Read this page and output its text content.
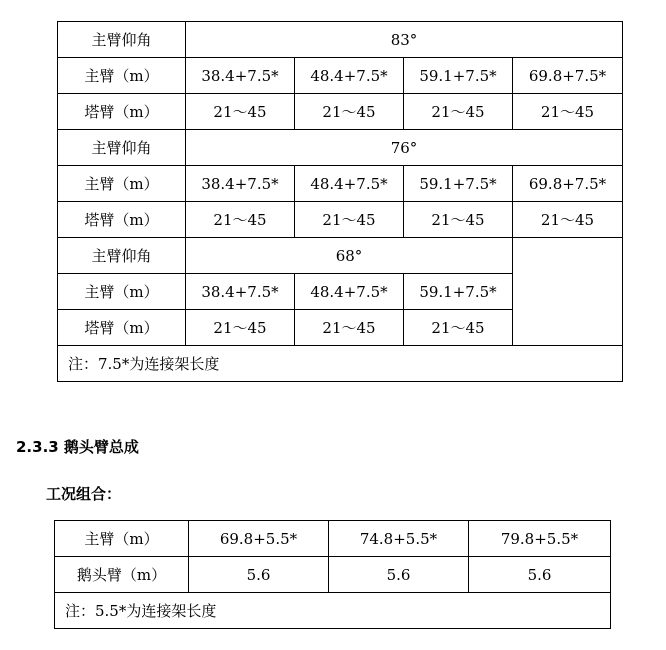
主臂仰角	83°			
主臂（m）	38.4+7.5*	48.4+7.5*	59.1+7.5*	69.8+7.5*
塔臂（m）	21～45	21～45	21～45	21～45
主臂仰角	76°			
主臂（m）	38.4+7.5*	48.4+7.5*	59.1+7.5*	69.8+7.5*
塔臂（m）	21～45	21～45	21～45	21～45
主臂仰角	68°			
主臂（m）	38.4+7.5*	48.4+7.5*	59.1+7.5*	
塔臂（m）	21～45	21～45	21～45	
注：7.5*为连接架长度				
2.3.3 鹅头臂总成
工况组合：
主臂（m）	69.8+5.5*	74.8+5.5*	79.8+5.5*
鹅头臂（m）	5.6	5.6	5.6
注：5.5*为连接架长度			
